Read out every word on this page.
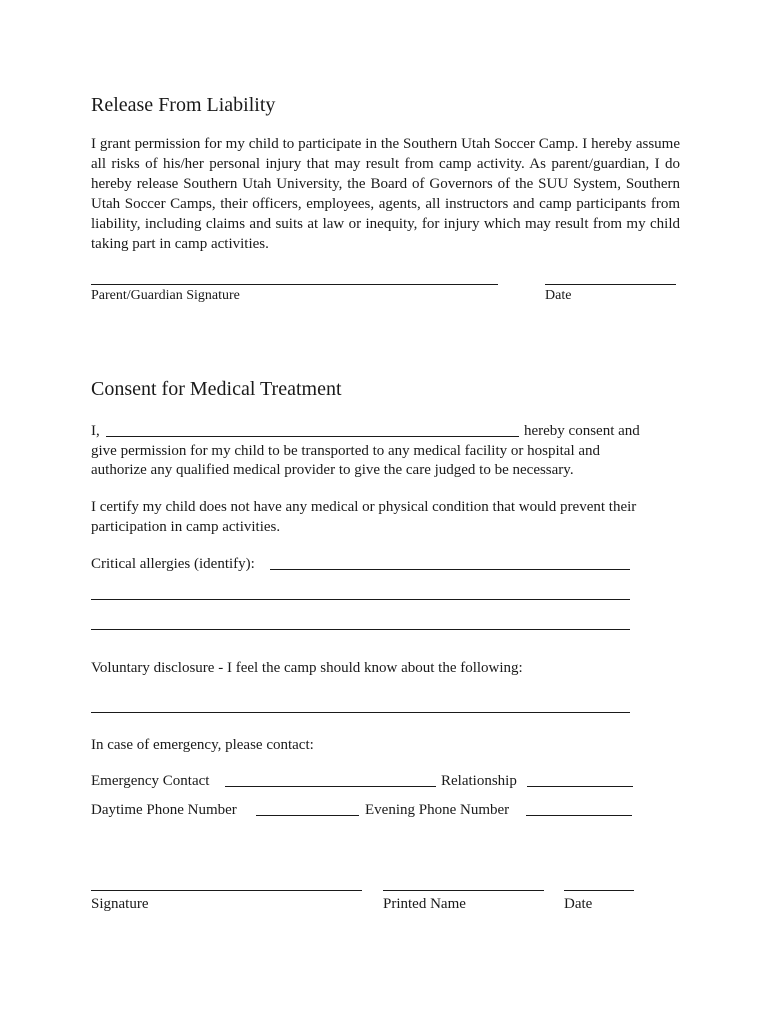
Release From Liability
I grant permission for my child to participate in the Southern Utah Soccer Camp. I hereby assume all risks of his/her personal injury that may result from camp activity. As parent/guardian, I do hereby release Southern Utah University, the Board of Governors of the SUU System, Southern Utah Soccer Camps, their officers, employees, agents, all instructors and camp participants from liability, including claims and suits at law or inequity, for injury which may result from my child taking part in camp activities.
Parent/Guardian Signature	Date
Consent for Medical Treatment
I,	hereby consent and
give permission for my child to be transported to any medical facility or hospital and
authorize any qualified medical provider to give the care judged to be necessary.
I certify my child does not have any medical or physical condition that would prevent their participation in camp activities.
Critical allergies (identify):
Voluntary disclosure - I feel the camp should know about the following:
In case of emergency, please contact:
Emergency Contact	Relationship
Daytime Phone Number	Evening Phone Number
Signature	Printed Name	Date
